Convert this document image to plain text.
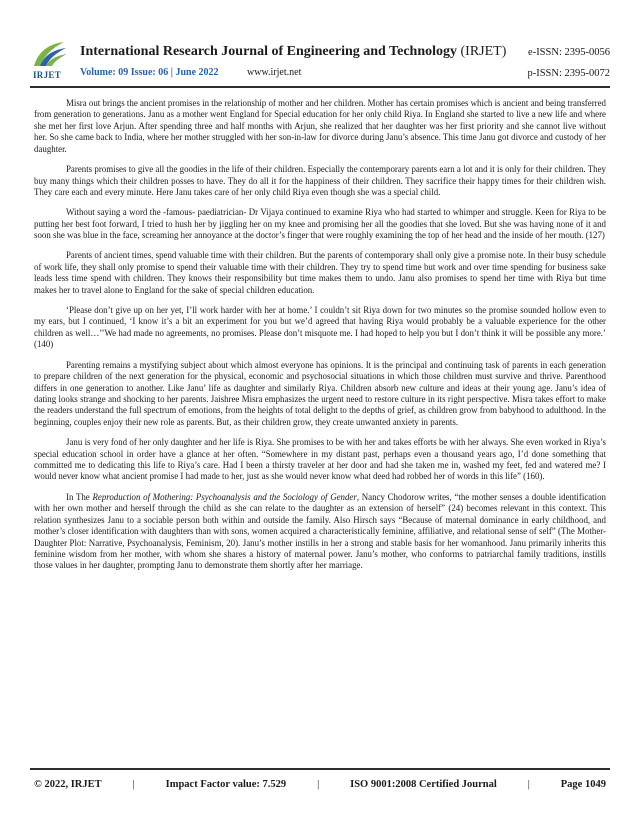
IRJET
International Research Journal of Engineering and Technology (IRJET) e-ISSN: 2395-0056
Volume: 09 Issue: 06 | June 2022	www.irjet.net	p-ISSN: 2395-0072

Misra out brings the ancient promises in the relationship of mother and her children. Mother has certain promises which is ancient and being transferred from generation to generations. Janu as a mother went England for Special education for her only child Riya. In England she started to live a new life and where she met her first love Arjun. After spending three and half months with Arjun, she realized that her daughter was her first priority and she cannot live without her. So she came back to India, where her mother struggled with her son-in-law for divorce during Janu’s absence. This time Janu got divorce and custody of her daughter.

Parents promises to give all the goodies in the life of their children. Especially the contemporary parents earn a lot and it is only for their children. They buy many things which their children posses to have. They do all it for the happiness of their children. They sacrifice their happy times for their children wish. They care each and every minute. Here Janu takes care of her only child Riya even though she was a special child.

Without saying a word the -famous- paediatrician- Dr Vijaya continued to examine Riya who had started to whimper and struggle. Keen for Riya to be putting her best foot forward, I tried to hush her by jiggling her on my knee and promising her all the goodies that she loved. But she was having none of it and soon she was blue in the face, screaming her annoyance at the doctor’s finger that were roughly examining the top of her head and the inside of her mouth. (127)

Parents of ancient times, spend valuable time with their children. But the parents of contemporary shall only give a promise note. In their busy schedule of work life, they shall only promise to spend their valuable time with their children. They try to spend time but work and over time spending for business sake leads less time spend with children. They knows their responsibility but time makes them to undo. Janu also promises to spend her time with Riya but time makes her to travel alone to England for the sake of special children education.

‘Please don’t give up on her yet, I’ll work harder with her at home.’ I couldn’t sit Riya down for two minutes so the promise sounded hollow even to my ears, but I continued, ‘I know it’s a bit an experiment for you but we’d agreed that having Riya would probably be a valuable experience for the other children as well…’’We had made no agreements, no promises. Please don’t misquote me. I had hoped to help you but I don’t think it will be possible any more.’ (140)

Parenting remains a mystifying subject about which almost everyone has opinions. It is the principal and continuing task of parents in each generation to prepare children of the next generation for the physical, economic and psychosocial situations in which those children must survive and thrive. Parenthood differs in one generation to another. Like Janu’ life as daughter and similarly Riya. Children absorb new culture and ideas at their young age. Janu’s idea of dating looks strange and shocking to her parents. Jaishree Misra emphasizes the urgent need to restore culture in its right perspective. Misra takes effort to make the readers understand the full spectrum of emotions, from the heights of total delight to the depths of grief, as children grow from babyhood to adulthood. In the beginning, couples enjoy their new role as parents. But, as their children grow, they create unwanted anxiety in parents.

Janu is very fond of her only daughter and her life is Riya. She promises to be with her and takes efforts be with her always. She even worked in Riya’s special education school in order have a glance at her often. “Somewhere in my distant past, perhaps even a thousand years ago, I’d done something that committed me to dedicating this life to Riya’s care. Had I been a thirsty traveler at her door and had she taken me in, washed my feet, fed and watered me? I would never know what ancient promise I had made to her, just as she would never know what deed had robbed her of words in this life” (160).

In The Reproduction of Mothering: Psychoanalysis and the Sociology of Gender, Nancy Chodorow writes, “the mother senses a double identification with her own mother and herself through the child as she can relate to the daughter as an extension of herself” (24) becomes relevant in this context. This relation synthesizes Janu to a sociable person both within and outside the family. Also Hirsch says “Because of maternal dominance in early childhood, and mother’s closer identification with daughters than with sons, women acquired a characteristically feminine, affiliative, and relational sense of self” (The Mother-Daughter Plot: Narrative, Psychoanalysis, Feminism, 20). Janu’s mother instills in her a strong and stable basis for her womanhood. Janu primarily inherits this feminine wisdom from her mother, with whom she shares a history of maternal power. Janu’s mother, who conforms to patriarchal family traditions, instills those values in her daughter, prompting Janu to demonstrate them shortly after her marriage.

© 2022, IRJET	|	Impact Factor value: 7.529	|	ISO 9001:2008 Certified Journal	|	Page 1049
